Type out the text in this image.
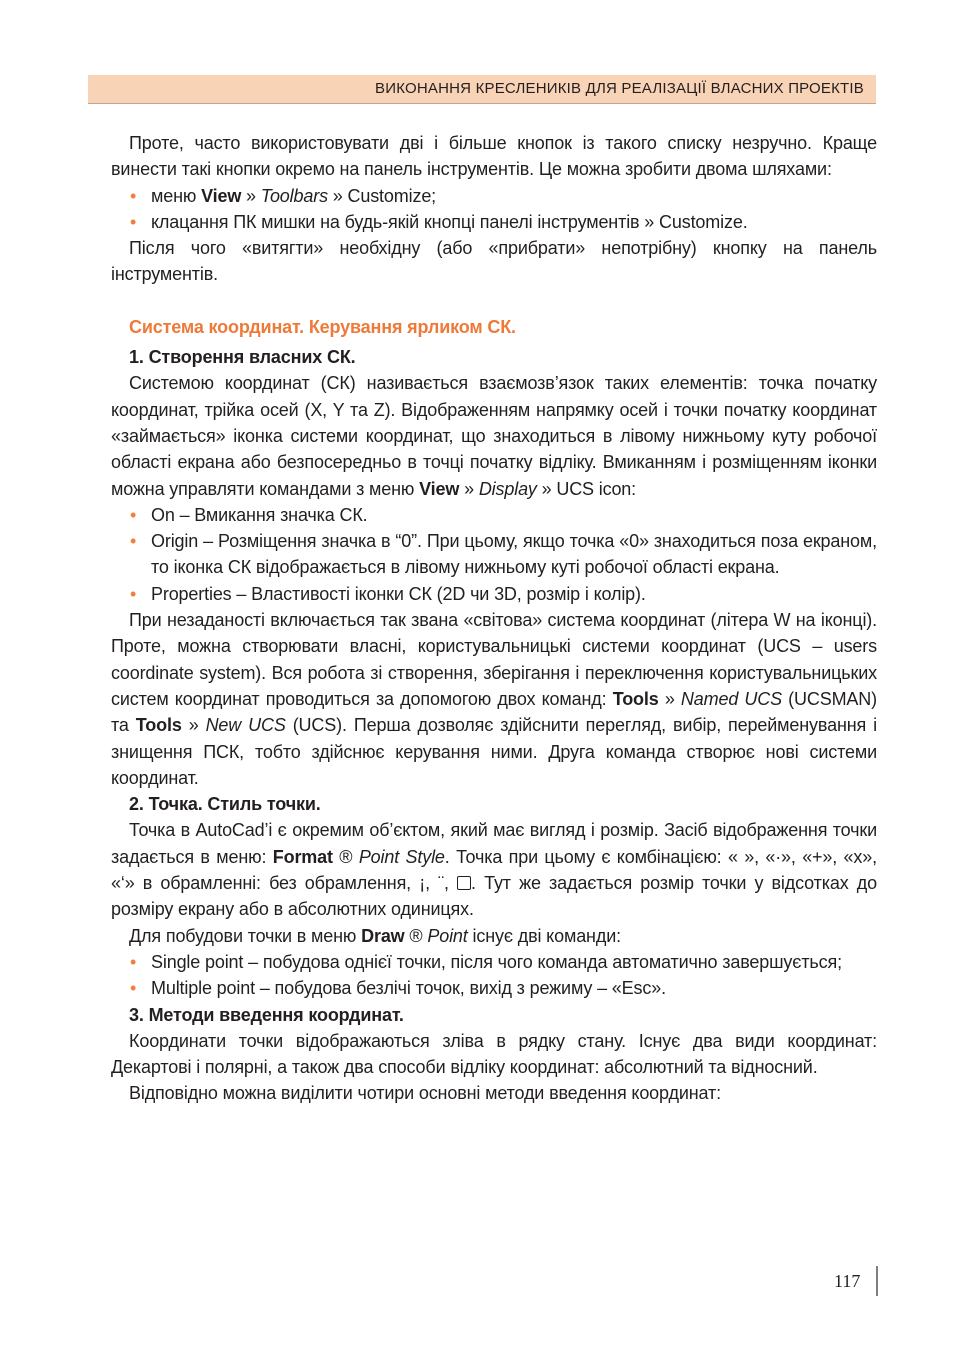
ВИКОНАННЯ КРЕСЛЕНИКІВ ДЛЯ РЕАЛІЗАЦІЇ ВЛАСНИХ ПРОЕКТІВ

Проте, часто використовувати дві і більше кнопок із такого списку незручно. Краще винести такі кнопки окремо на панель інструментів. Це можна зробити двома шляхами:

• меню View » Toolbars » Customize;
• клацання ПК мишки на будь-якій кнопці панелі інструментів » Customize.

Після чого «витягти» необхідну (або «прибрати» непотрібну) кнопку на панель інструментів.

Система координат. Керування ярликом СК.

1. Створення власних СК.

Системою координат (СК) називається взаємозв’язок таких елементів: точка початку координат, трійка осей (X, Y та Z). Відображенням напрямку осей і точки початку координат «займається» іконка системи координат, що знаходиться в лівому нижньому куту робочої області екрана або безпосередньо в точці початку відліку. Вмиканням і розміщенням іконки можна управляти командами з меню View » Display » UCS icon:

• On – Вмикання значка СК.
• Origin – Розміщення значка в “0”. При цьому, якщо точка «0» знаходиться поза екраном, то іконка СК відображається в лівому нижньому куті робочої області екрана.
• Properties – Властивості іконки СК (2D чи 3D, розмір і колір).

При незаданості включається так звана «світова» система координат (літера W на іконці). Проте, можна створювати власні, користувальницькі системи координат (UCS – users coordinate system). Вся робота зі створення, зберігання і переключення користувальницьких систем координат проводиться за допомогою двох команд: Tools » Named UCS (UCSMAN) та Tools » New UCS (UCS). Перша дозволяє здійснити перегляд, вибір, перейменування і знищення ПСК, тобто здійснює керування ними. Друга команда створює нові системи координат.

2. Точка. Стиль точки.

Точка в AutoCad’і є окремим об’єктом, який має вигляд і розмір. Засіб відображення точки задається в меню: Format ® Point Style. Точка при цьому є комбінацією: « », «·», «+», «x», «‘» в обрамленні: без обрамлення, ¡, ¨, . Тут же задається розмір точки у відсотках до розміру екрану або в абсолютних одиницях.

Для побудови точки в меню Draw ® Point існує дві команди:

• Single point – побудова однієї точки, після чого команда автоматично завершується;
• Multiple point – побудова безлічі точок, вихід з режиму – «Esc».

3. Методи введення координат.

Координати точки відображаються зліва в рядку стану. Існує два види координат: Декартові і полярні, а також два способи відліку координат: абсолютний та відносний.

Відповідно можна виділити чотири основні методи введення координат:

117
